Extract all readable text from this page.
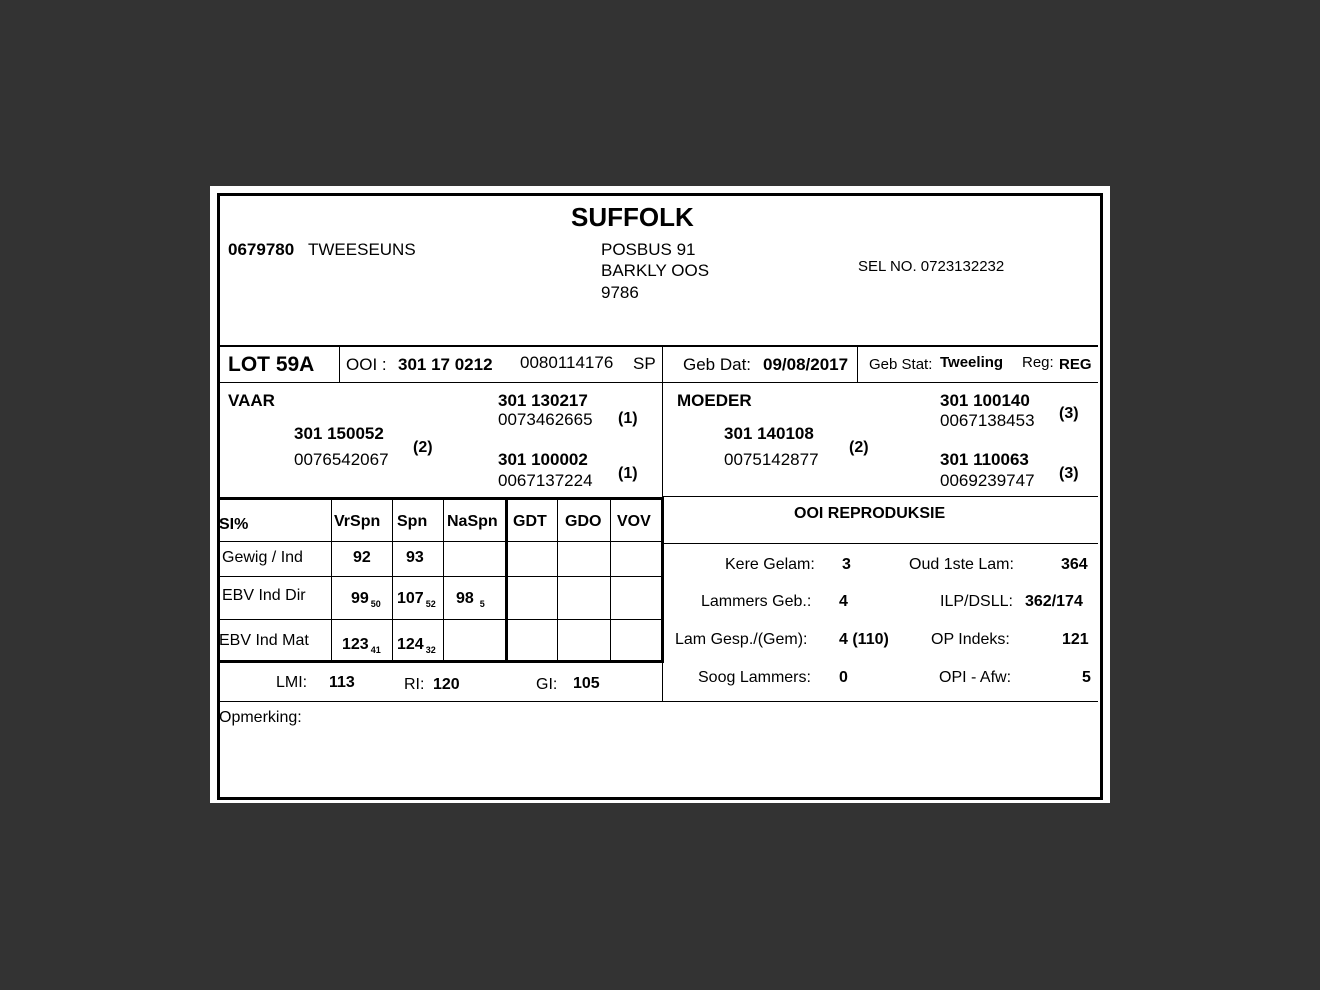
SUFFOLK
0679780 TWEESEUNS	POSBUS 91
BARKLY OOS
9786
SEL NO. 0723132232
LOT 59A OOI : 301 17 0212 0080114176 SP Geb Dat: 09/08/2017 Geb Stat: Tweeling Reg: REG
VAAR
301 150052
0076542067
(2)
301 130217
0073462665 (1)
301 100002
0067137224 (1)
MOEDER
301 140108
0075142877
(2)
301 100140
0067138453 (3)
301 110063
0069239747 (3)
SI%	VrSpn Spn NaSpn GDT GDO VOV
Gewig / Ind	92 93
EBV Ind Dir	99 $_{50}$ 107 $_{52}$ 98 $_5$
EBV Ind Mat 123 $_{41}$ 124 $_{32}$
LMI: 113	RI: 120	GI: 105
OOI REPRODUKSIE
Kere Gelam: 3	Oud 1ste Lam:	364
Lammers Geb.: 4	ILP/DSLL: 362/174
Lam Gesp./(Gem): 4 (110)	OP Indeks:	121
Soog Lammers: 0	OPI - Afw:	5
Opmerking:
